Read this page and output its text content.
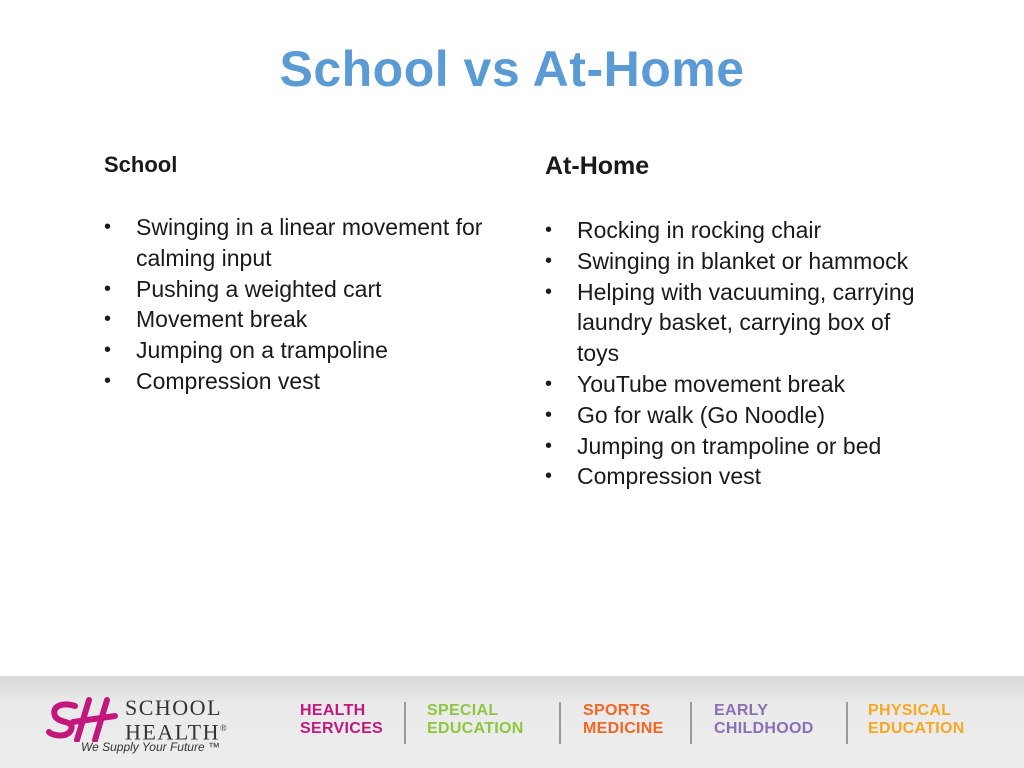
School vs At-Home
School
• Swinging in a linear movement for calming input
• Pushing a weighted cart
• Movement break
• Jumping on a trampoline
• Compression vest
At-Home
• Rocking in rocking chair
• Swinging in blanket or hammock
• Helping with vacuuming, carrying laundry basket, carrying box of toys
• YouTube movement break
• Go for walk (Go Noodle)
• Jumping on trampoline or bed
• Compression vest
SCHOOL
HEALTH®
We Supply Your Future ™
HEALTH
SERVICES
SPECIAL
EDUCATION
SPORTS
MEDICINE
EARLY
CHILDHOOD
PHYSICAL
EDUCATION
